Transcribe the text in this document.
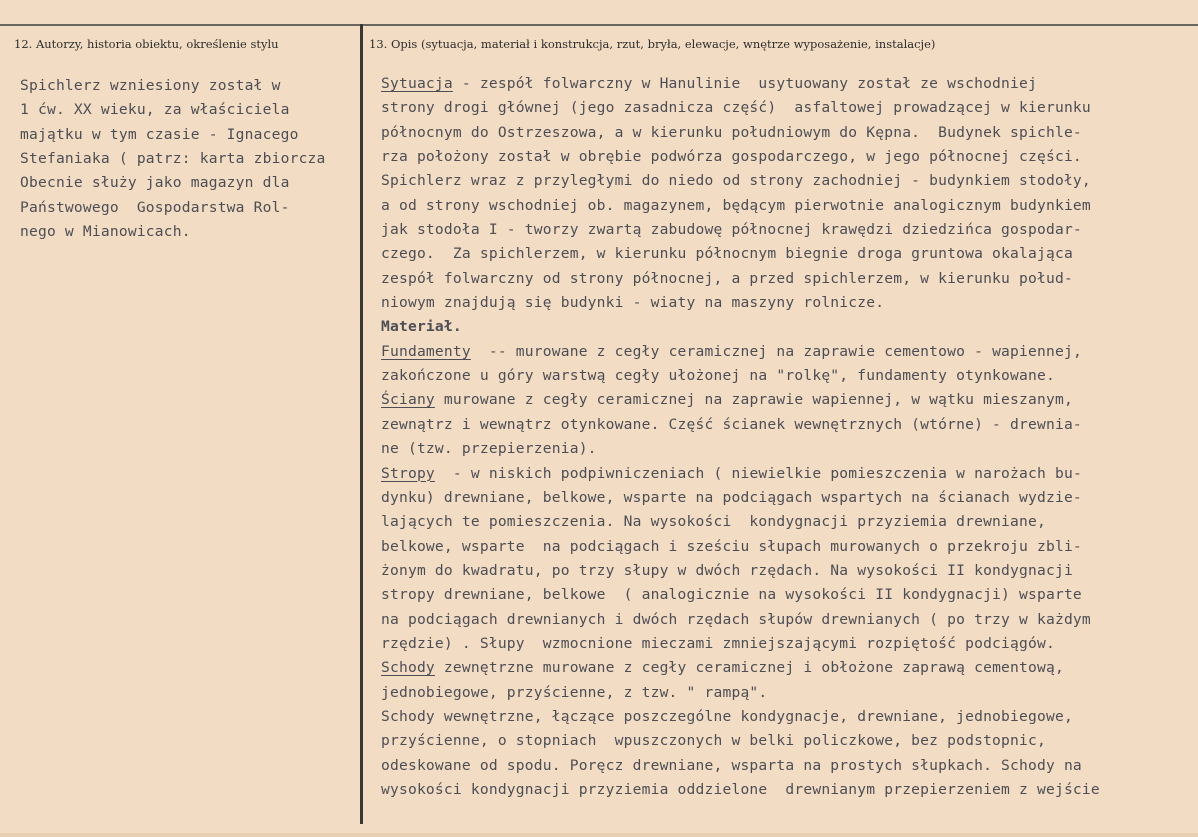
12. Autorzy, historia obiektu, określenie stylu	13. Opis (sytuacja, materiał i konstrukcja, rzut, bryła, elewacje, wnętrze wyposażenie, instalacje)
Spichlerz wzniesiony został w
1 ćw. XX wieku, za właściciela
majątku w tym czasie - Ignacego
Stefaniaka ( patrz: karta zbiorcza
Obecnie służy jako magazyn dla
Państwowego  Gospodarstwa Rol-
nego w Mianowicach.
Sytuacja - zespół folwarczny w Hanulinie  usytuowany został ze wschodniej
strony drogi głównej (jego zasadnicza część)  asfaltowej prowadzącej w kierunku
północnym do Ostrzeszowa, a w kierunku południowym do Kępna.  Budynek spichle-
rza położony został w obrębie podwórza gospodarczego, w jego północnej części.
Spichlerz wraz z przyległymi do niedo od strony zachodniej - budynkiem stodoły,
a od strony wschodniej ob. magazynem, będącym pierwotnie analogicznym budynkiem
jak stodoła I - tworzy zwartą zabudowę północnej krawędzi dziedzińca gospodar-
czego.  Za spichlerzem, w kierunku północnym biegnie droga gruntowa okalająca
zespół folwarczny od strony północnej, a przed spichlerzem, w kierunku połud-
niowym znajdują się budynki - wiaty na maszyny rolnicze.
Materiał.
Fundamenty  -- murowane z cegły ceramicznej na zaprawie cementowo - wapiennej,
zakończone u góry warstwą cegły ułożonej na "rolkę", fundamenty otynkowane.
Ściany murowane z cegły ceramicznej na zaprawie wapiennej, w wątku mieszanym,
zewnątrz i wewnątrz otynkowane. Część ścianek wewnętrznych (wtórne) - drewnia-
ne (tzw. przepierzenia).
Stropy  - w niskich podpiwniczeniach ( niewielkie pomieszczenia w narożach bu-
dynku) drewniane, belkowe, wsparte na podciągach wspartych na ścianach wydzie-
lających te pomieszczenia. Na wysokości  kondygnacji przyziemia drewniane,
belkowe, wsparte  na podciągach i sześciu słupach murowanych o przekroju zbli-
żonym do kwadratu, po trzy słupy w dwóch rzędach. Na wysokości II kondygnacji
stropy drewniane, belkowe  ( analogicznie na wysokości II kondygnacji) wsparte
na podciągach drewnianych i dwóch rzędach słupów drewnianych ( po trzy w każdym
rzędzie) . Słupy  wzmocnione mieczami zmniejszającymi rozpiętość podciągów.
Schody zewnętrzne murowane z cegły ceramicznej i obłożone zaprawą cementową,
jednobiegowe, przyścienne, z tzw. " rampą".
Schody wewnętrzne, łączące poszczególne kondygnacje, drewniane, jednobiegowe,
przyścienne, o stopniach  wpuszczonych w belki policzkowe, bez podstopnic,
odeskowane od spodu. Poręcz drewniane, wsparta na prostych słupkach. Schody na
wysokości kondygnacji przyziemia oddzielone  drewnianym przepierzeniem z wejście
